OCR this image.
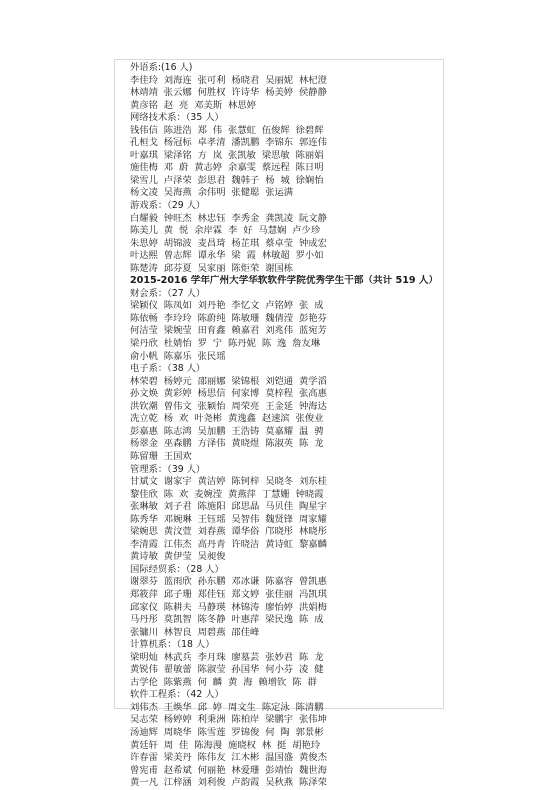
外语系:(16 人)
李佳玲  刘海连  张可利  杨晓君  吴丽妮  林杞澄
林靖靖  张云娜  何胜权  许诗华  杨美婷  侯静静
黄彦铭  赵  亮  邓美斯  林思婷
网络技术系：（35 人）
钱伟信  陈进浩  郑  伟  张慧虹  伍俊辉  徐碧辉
孔桓戈  杨冠标  卓孝清  潘凯鹏  李锦东  郭连伟
叶嘉琪  梁泽铭  方  岚  张凯敏  梁思敏  陈丽娟
施佳梅  邓  蔚  黄志婷  余嘉雯  蔡远程  陈日明
梁雪儿  卢泽荣  彭思君  魏韩子  杨  城  徐娴怡
杨文凌  吴海燕  余伟明  张健聪  张运满
游戏系：（29 人）
白耀毅  钟旺杰  林忠钰  李秀金  龚凯凌  阮文静
陈美儿  黄  悦  余岸霖  李  好  马慧娴  卢少珍
朱思婷  胡锦波  麦昌琦  杨芷琪  蔡卓莹  钟成宏
叶达熙  曾志辉  谭永华  梁  霞  林敏超  罗小如
陈楚涛  邱芬夏  吴家丽  陈炬荣  谢国栋
2015-2016 学年广州大学华软软件学院优秀学生干部（共计 519 人）
财会系：（27 人）
梁颖仪  陈凤如  刘丹艳  李忆文  卢铭婷  张  成
陈依畅  李玲玲  陈蔚纯  陈敏珊  魏倩滢  彭艳芬
何洁莹  梁婉莹  田育鑫  赖嘉君  刘兆伟  蓝宛芳
梁丹欣  杜婧怡  罗  宁  陈丹妮  陈  逸  詹友琳
俞小帆  陈嘉乐  张民瑶
电子系：（38 人）
林荣碧  杨婷元  邵丽娜  梁锦根  刘铠通  黄学滔
孙文焕  黄彩婷  杨思信  何家博  莫梓程  张高惠
洪钦潮  曾伟文  张颖怡  周荣亮  王金延  钟海达
冼立乾  杨  欢  叶尧彬  黄逸鑫  赵速滨  张俊业
彭嘉惠  陈志鸿  吴加鹏  王浩铸  莫嘉耀  温  骋
杨翠金  巫森鹏  方泽伟  黄晓煜  陈淑英  陈  龙
陈留珊  王国欢
管理系：（39 人）
甘斌文  谢家宇  黄洁婷  陈钶梓  吴晓冬  刘东桂
黎佳欣  陈  欢  麦婉滢  黄燕萍  丁慧姗  钟晓霞
张琳敏  刘子君  陈施阳  邱思晶  马贝佳  陶星宇
陈秀华  邓婉琳  王钰瑶  吴智伟  魏贤锋  周家耀
梁婉思  黄汶萱  刘春燕  谭华俗  邝晓彤  林晓彤
李清霞  江伟杰  高丹青  许晓洁  黄诗虹  黎嘉麟
黄诗敏  黄伊莹  吴昶俊
国际经贸系：（28 人）
谢翠芬  蓝雨欣  孙东鹏  邓冰谦  陈嘉容  曾凯惠
郑筱萍  邱子珊  郑佳钰  郑文婷  张佳丽  冯凯琪
邱家仪  陈耕夫  马静瑛  林锦涛  廖怡婷  洪娟梅
马丹彤  莫凯智  陈冬静  叶惠萍  梁民逸  陈  成
张镛川  林智良  周碧燕  邵佳峰
计算机系：（18 人）
梁明灿  林武兵  李月珠  廖墓芸  张妙君  陈  龙
黄锐伟  翟敏蕾  陈淑莹  孙国华  何小芬  凌  健
古学伦  陈紫燕  何  麟  黄  海  赖增钦  陈  群
软件工程系：（42 人）
刘伟杰  王焕华  邱  婷  周文生  陈定泳  陈清鹏
吴志荣  杨婷婷  利秉洲  陈柏岸  梁鹏宇  张伟坤
汤迪辉  周晓华  陈雪莲  罗锦俊  何  陶  郭景彬
黄廷轩  周  佳  陈海漫  施晓权  林  挺  胡艳玲
许春雷  梁美丹  陈伟友  江木彬  温国盛  黄俊杰
曾宪甫  赵希斌  何丽艳  林爱珊  彭靖怡  魏世海
黄一凡  江梓涵  刘利俊  卢韵霞  吴秋燕  陈泽荣
